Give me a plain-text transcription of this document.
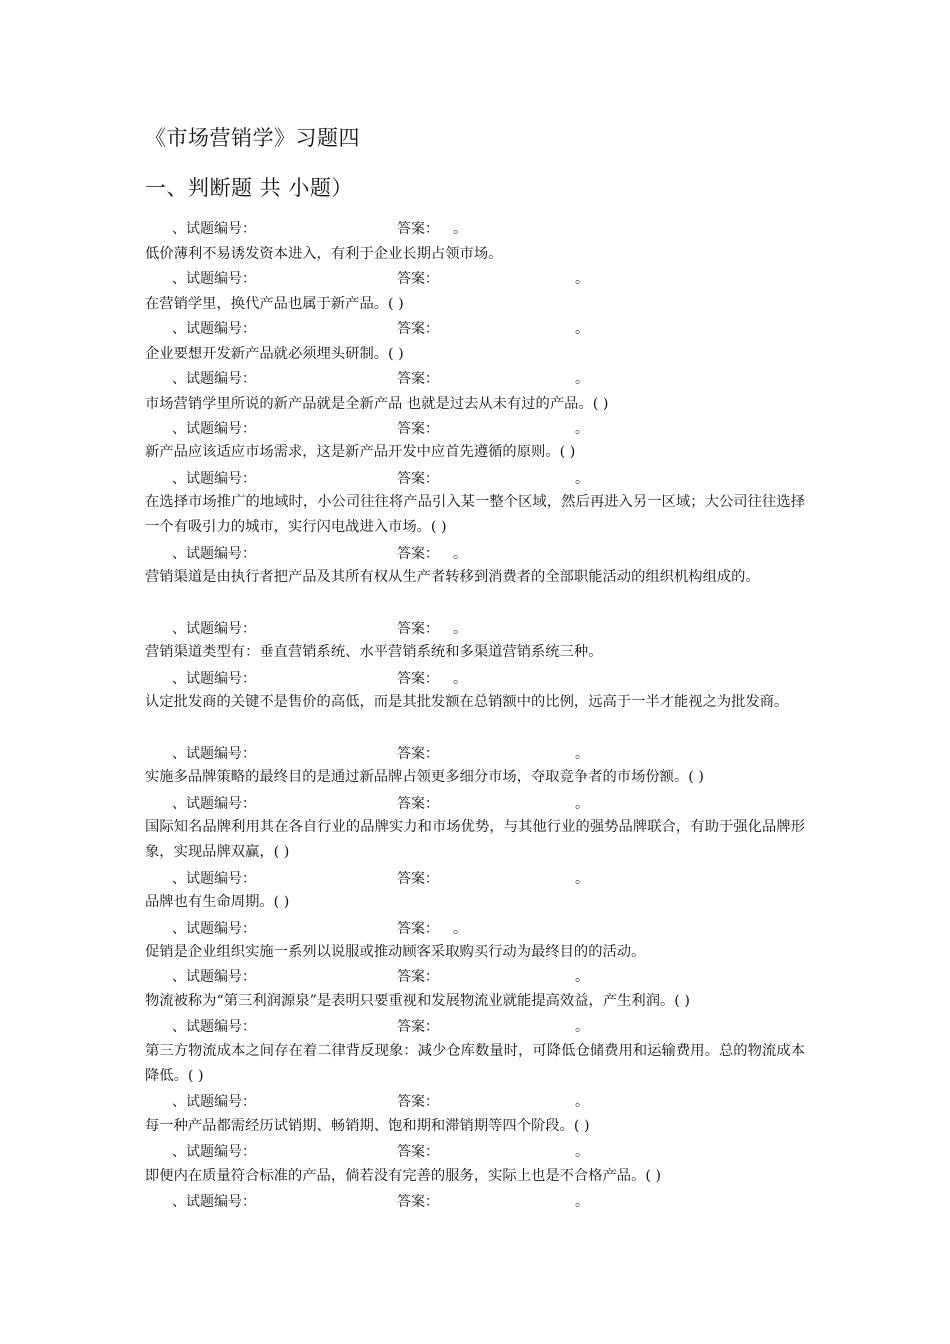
《市场营销学》习题四
一、判断题 共 小题）
、试题编号：	答案： 。
低价薄利不易诱发资本进入，有利于企业长期占领市场。
、试题编号：	答案：	。
在营销学里，换代产品也属于新产品。( )
、试题编号：	答案：	。
企业要想开发新产品就必须埋头研制。( )
、试题编号：	答案：	。
市场营销学里所说的新产品就是全新产品 也就是过去从未有过的产品。( )
、试题编号：	答案：	。
新产品应该适应市场需求，这是新产品开发中应首先遵循的原则。( )
、试题编号：	答案：	。
在选择市场推广的地域时，小公司往往将产品引入某一整个区域，然后再进入另一区域；大公司往往选择一个有吸引力的城市，实行闪电战进入市场。( )
、试题编号：	答案： 。
营销渠道是由执行者把产品及其所有权从生产者转移到消费者的全部职能活动的组织机构组成的。
、试题编号：	答案： 。
营销渠道类型有：垂直营销系统、水平营销系统和多渠道营销系统三种。
、试题编号：	答案： 。
认定批发商的关键不是售价的高低，而是其批发额在总销额中的比例，远高于一半才能视之为批发商。
、试题编号：	答案：	。
实施多品牌策略的最终目的是通过新品牌占领更多细分市场，夺取竞争者的市场份额。( )
、试题编号：	答案：	。
国际知名品牌利用其在各自行业的品牌实力和市场优势，与其他行业的强势品牌联合，有助于强化品牌形象，实现品牌双赢，( )
、试题编号：	答案：	。
品牌也有生命周期。( )
、试题编号：	答案： 。
促销是企业组织实施一系列以说服或推动顾客采取购买行动为最终目的的活动。
、试题编号：	答案：	。
物流被称为“第三利润源泉”是表明只要重视和发展物流业就能提高效益，产生利润。( )
、试题编号：	答案：	。
第三方物流成本之间存在着二律背反现象：减少仓库数量时，可降低仓储费用和运输费用。总的物流成本降低。( )
、试题编号：	答案：	。
每一种产品都需经历试销期、畅销期、饱和期和滞销期等四个阶段。( )
、试题编号：	答案：	。
即便内在质量符合标准的产品，倘若没有完善的服务，实际上也是不合格产品。( )
、试题编号：	答案：	。
